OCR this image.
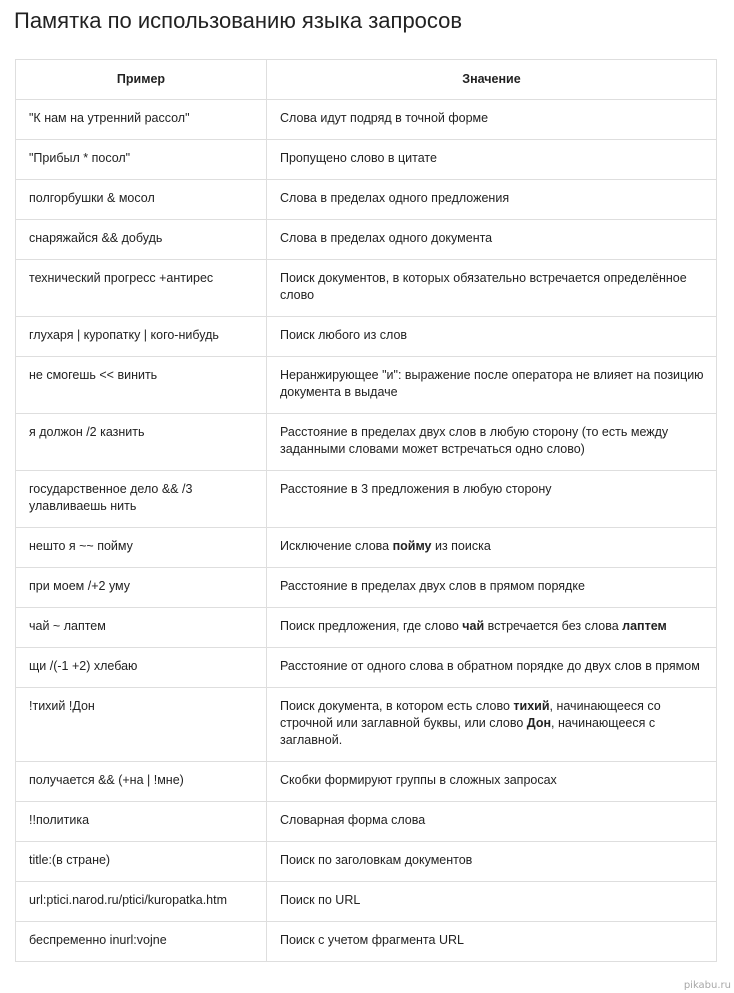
Памятка по использованию языка запросов
Пример	Значение
"К нам на утренний рассол"	Слова идут подряд в точной форме
"Прибыл * посол"	Пропущено слово в цитате
полгорбушки & мосол	Слова в пределах одного предложения
снаряжайся && добудь	Слова в пределах одного документа
технический прогресс +антирес	Поиск документов, в которых обязательно встречается определённое слово
глухаря | куропатку | кого-нибудь	Поиск любого из слов
не смогешь << винить	Неранжирующее "и": выражение после оператора не влияет на позицию документа в выдаче
я должон /2 казнить	Расстояние в пределах двух слов в любую сторону (то есть между заданными словами может встречаться одно слово)
государственное дело && /3 улавливаешь нить	Расстояние в 3 предложения в любую сторону
нешто я ~~ пойму	Исключение слова пойму из поиска
при моем /+2 уму	Расстояние в пределах двух слов в прямом порядке
чай ~ лаптем	Поиск предложения, где слово чай встречается без слова лаптем
щи /(-1 +2) хлебаю	Расстояние от одного слова в обратном порядке до двух слов в прямом
!тихий !Дон	Поиск документа, в котором есть слово тихий, начинающееся со строчной или заглавной буквы, или слово Дон, начинающееся с заглавной.
получается && (+на | !мне)	Скобки формируют группы в сложных запросах
!!политика	Словарная форма слова
title:(в стране)	Поиск по заголовкам документов
url:ptici.narod.ru/ptici/kuropatka.htm	Поиск по URL
беспременно inurl:vojne	Поиск с учетом фрагмента URL
pikabu.ru
